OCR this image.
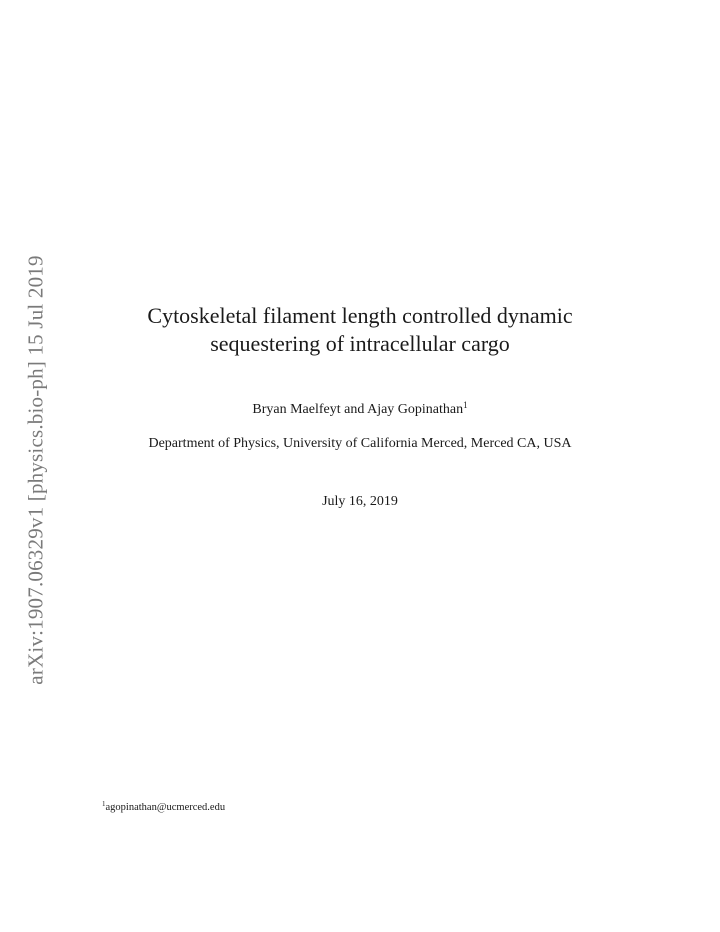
arXiv:1907.06329v1 [physics.bio-ph] 15 Jul 2019	Cytoskeletal filament length controlled dynamic
sequestering of intracellular cargo
Bryan Maelfeyt and Ajay Gopinathan$^1$
Department of Physics, University of California Merced, Merced CA, USA
July 16, 2019
$^1$agopinathan@ucmerced.edu
